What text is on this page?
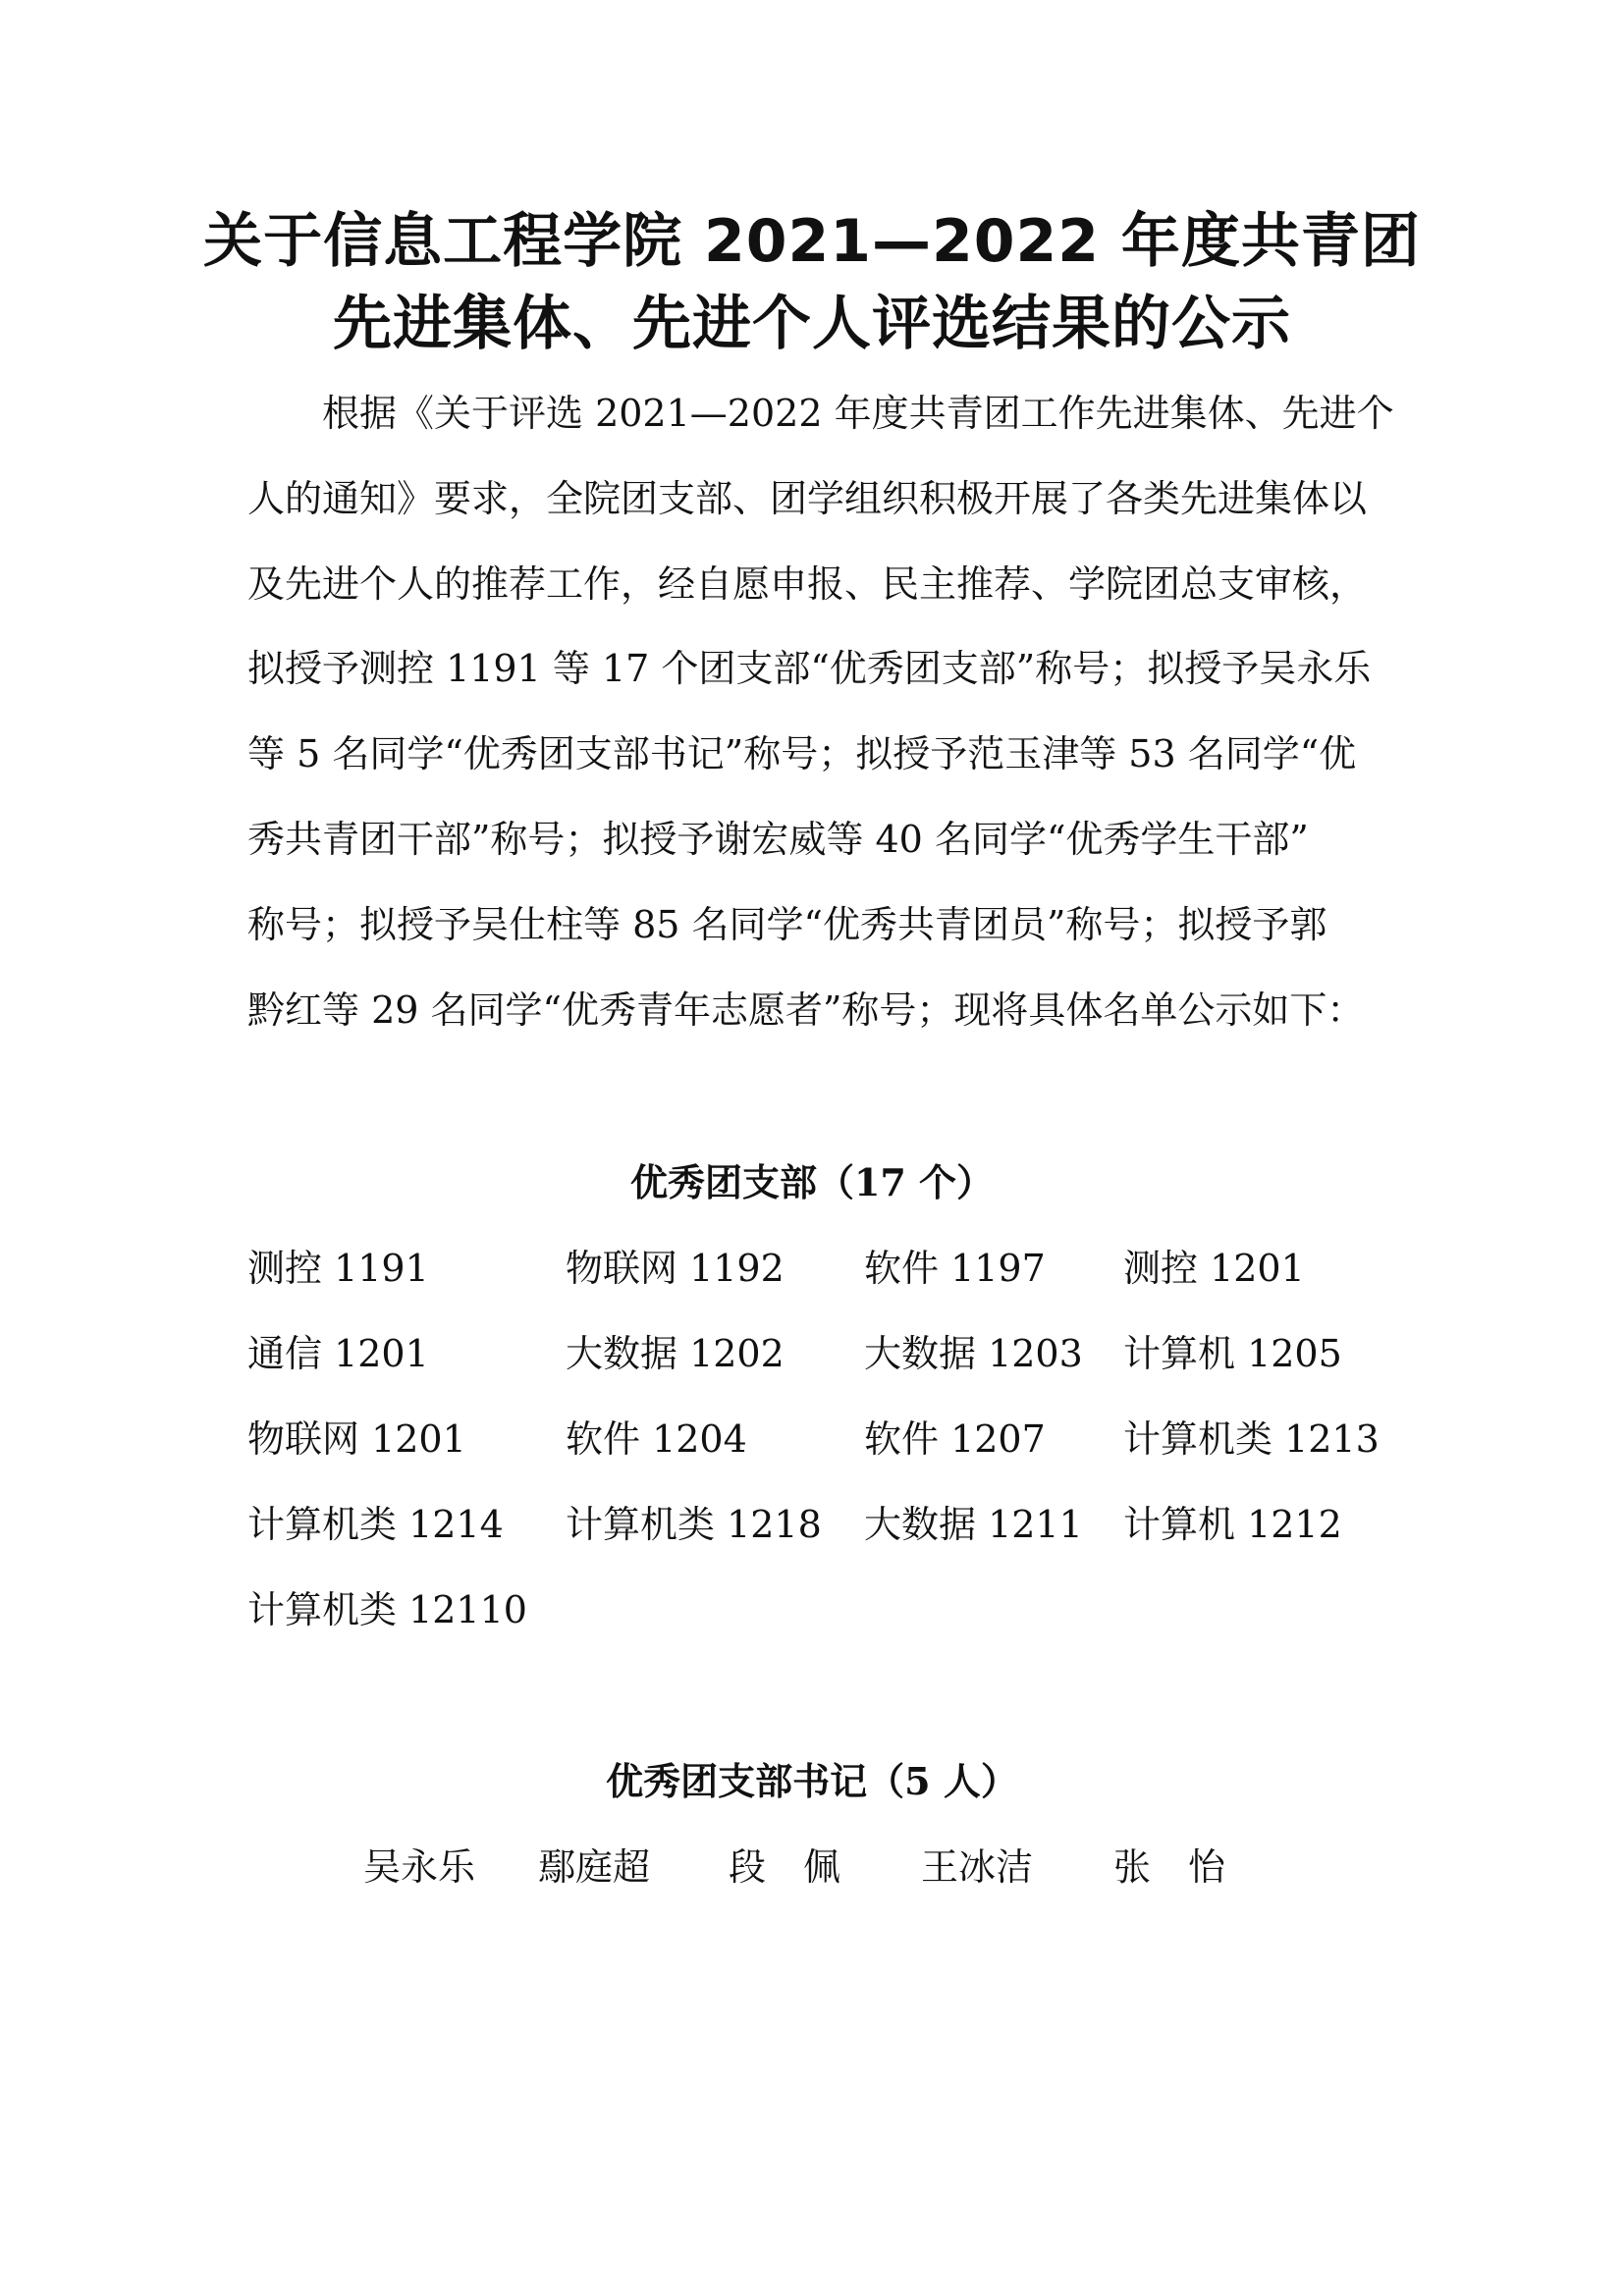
关于信息工程学院 2021—2022 年度共青团
先进集体、先进个人评选结果的公示
　　根据《关于评选 2021—2022 年度共青团工作先进集体、先进个
人的通知》要求，全院团支部、团学组织积极开展了各类先进集体以
及先进个人的推荐工作，经自愿申报、民主推荐、学院团总支审核，
拟授予测控 1191 等 17 个团支部“优秀团支部”称号；拟授予吴永乐
等 5 名同学“优秀团支部书记”称号；拟授予范玉津等 53 名同学“优
秀共青团干部”称号；拟授予谢宏威等 40 名同学“优秀学生干部”
称号；拟授予吴仕柱等 85 名同学“优秀共青团员”称号；拟授予郭
黔红等 29 名同学“优秀青年志愿者”称号；现将具体名单公示如下：
优秀团支部（17 个）
测控 1191	物联网 1192 软件 1197 测控 1201
通信 1201	大数据 1202 大数据 1203 计算机 1205
物联网 1201	软件 1204	软件 1207 计算机类 1213
计算机类 1214 计算机类 1218 大数据 1211 计算机 1212
计算机类 12110
优秀团支部书记（5 人）
吴永乐 鄢庭超 段　佩 王冰洁 张　怡
